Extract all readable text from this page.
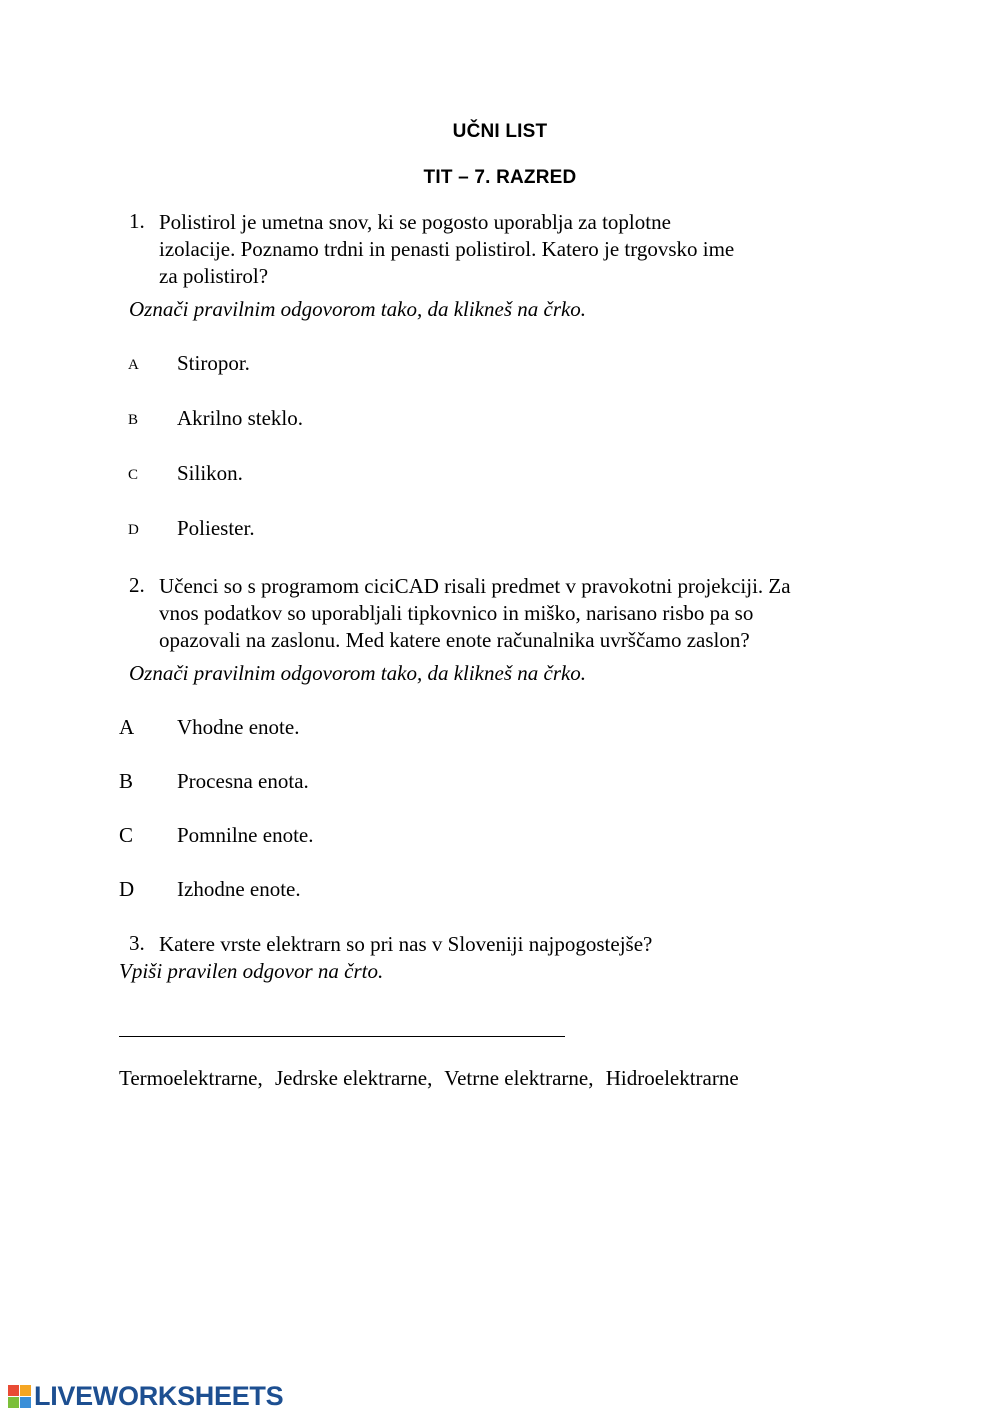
UČNI LIST
TIT – 7. RAZRED
1. Polistirol je umetna snov, ki se pogosto uporablja za toplotne
izolacije. Poznamo trdni in penasti polistirol. Katero je trgovsko ime
za polistirol?
Označi pravilnim odgovorom tako, da klikneš na črko.
A Stiropor.
B Akrilno steklo.
C Silikon.
D Poliester.
2. Učenci so s programom ciciCAD risali predmet v pravokotni projekciji. Za
vnos podatkov so uporabljali tipkovnico in miško, narisano risbo pa so
opazovali na zaslonu. Med katere enote računalnika uvrščamo zaslon?
Označi pravilnim odgovorom tako, da klikneš na črko.
A Vhodne enote.
B Procesna enota.
C Pomnilne enote.
D Izhodne enote.
3. Katere vrste elektrarn so pri nas v Sloveniji najpogostejše?
Vpiši pravilen odgovor na črto.
Termoelektrarne, Jedrske elektrarne, Vetrne elektrarne, Hidroelektrarne
LIVEWORKSHEETS
